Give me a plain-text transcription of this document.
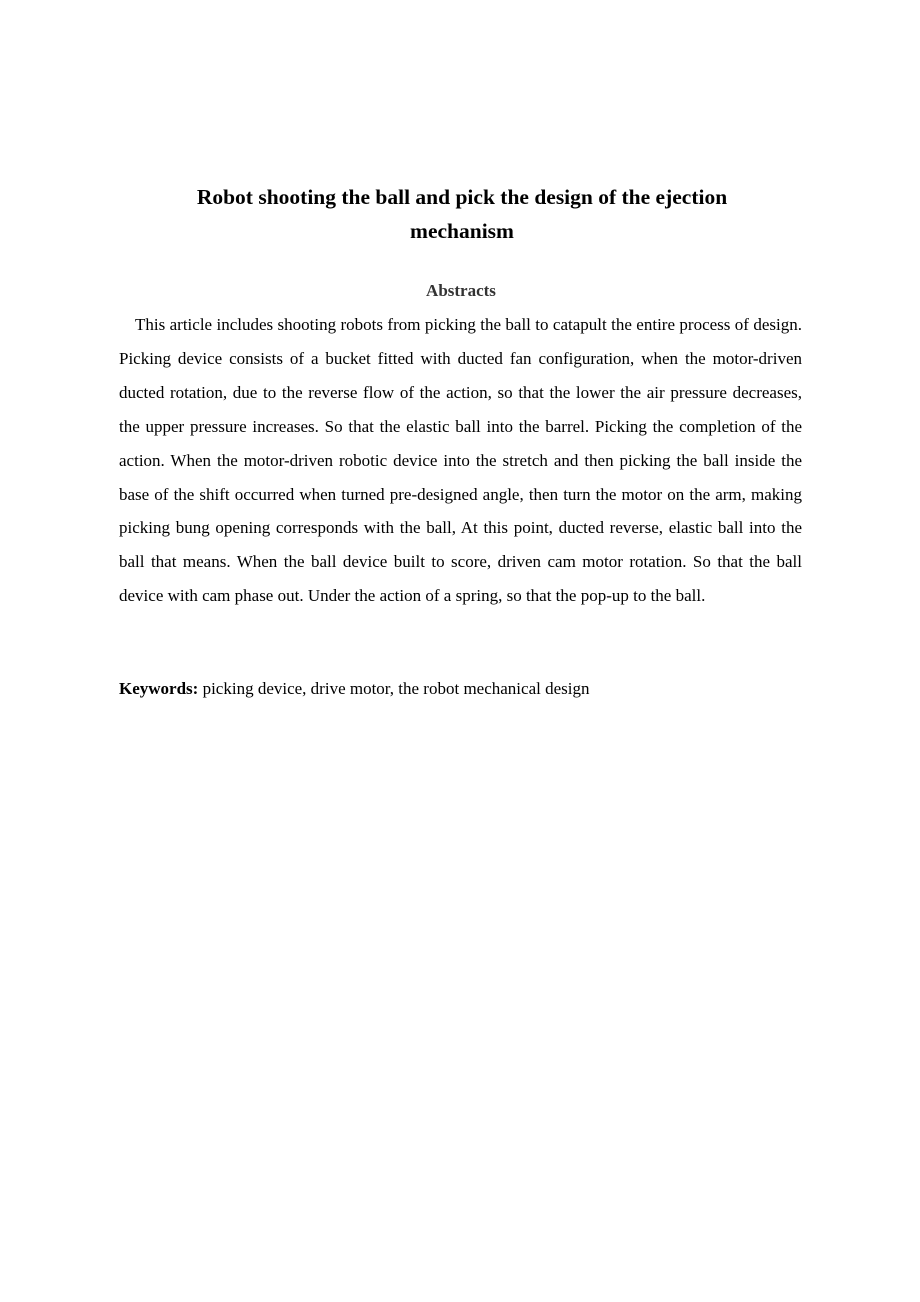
Robot shooting the ball and pick the design of the ejection mechanism
Abstracts

This article includes shooting robots from picking the ball to catapult the entire process of design. Picking device consists of a bucket fitted with ducted fan configuration, when the motor-driven ducted rotation, due to the reverse flow of the action, so that the lower the air pressure decreases, the upper pressure increases. So that the elastic ball into the barrel. Picking the completion of the action. When the motor-driven robotic device into the stretch and then picking the ball inside the base of the shift occurred when turned pre-designed angle, then turn the motor on the arm, making picking bung opening corresponds with the ball, At this point, ducted reverse, elastic ball into the ball that means. When the ball device built to score, driven cam motor rotation. So that the ball device with cam phase out. Under the action of a spring, so that the pop-up to the ball.

Keywords: picking device, drive motor, the robot mechanical design
